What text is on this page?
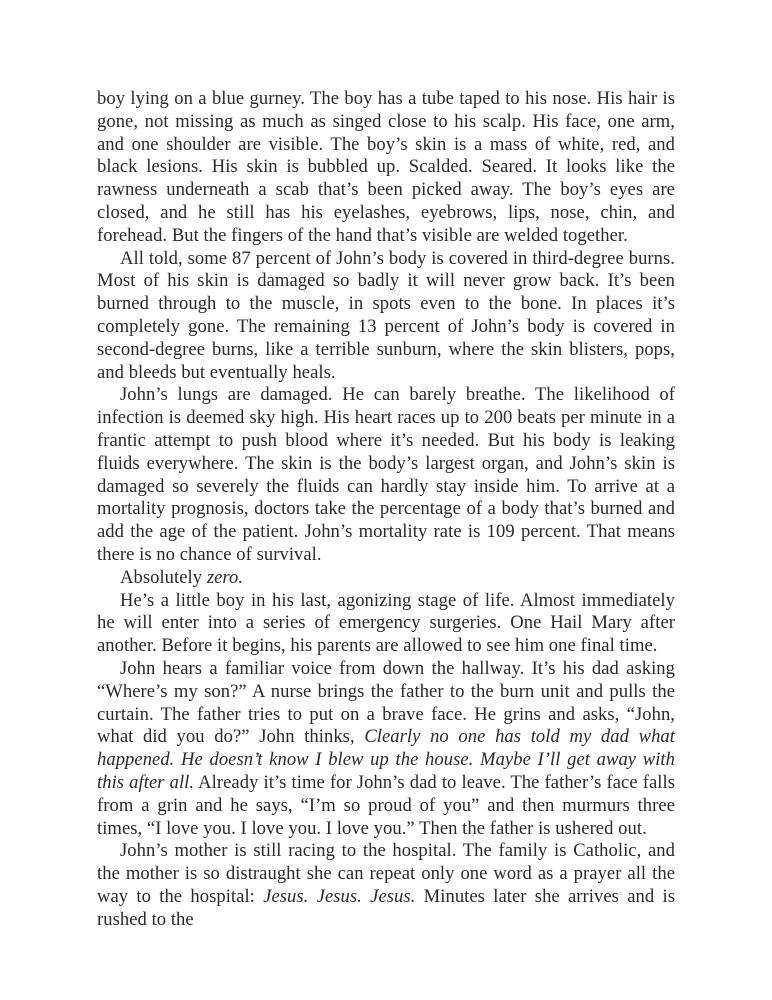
boy lying on a blue gurney. The boy has a tube taped to his nose. His hair is gone, not missing as much as singed close to his scalp. His face, one arm, and one shoulder are visible. The boy’s skin is a mass of white, red, and black lesions. His skin is bubbled up. Scalded. Seared. It looks like the rawness underneath a scab that’s been picked away. The boy’s eyes are closed, and he still has his eyelashes, eyebrows, lips, nose, chin, and forehead. But the fingers of the hand that’s visible are welded together.

All told, some 87 percent of John’s body is covered in third-degree burns. Most of his skin is damaged so badly it will never grow back. It’s been burned through to the muscle, in spots even to the bone. In places it’s completely gone. The remaining 13 percent of John’s body is covered in second-degree burns, like a terrible sunburn, where the skin blisters, pops, and bleeds but eventually heals.

John’s lungs are damaged. He can barely breathe. The likelihood of infection is deemed sky high. His heart races up to 200 beats per minute in a frantic attempt to push blood where it’s needed. But his body is leaking fluids everywhere. The skin is the body’s largest organ, and John’s skin is damaged so severely the fluids can hardly stay inside him. To arrive at a mortality prognosis, doctors take the percentage of a body that’s burned and add the age of the patient. John’s mortality rate is 109 percent. That means there is no chance of survival.

Absolutely zero.

He’s a little boy in his last, agonizing stage of life. Almost immediately he will enter into a series of emergency surgeries. One Hail Mary after another. Before it begins, his parents are allowed to see him one final time.

John hears a familiar voice from down the hallway. It’s his dad asking “Where’s my son?” A nurse brings the father to the burn unit and pulls the curtain. The father tries to put on a brave face. He grins and asks, “John, what did you do?” John thinks, Clearly no one has told my dad what happened. He doesn’t know I blew up the house. Maybe I’ll get away with this after all. Already it’s time for John’s dad to leave. The father’s face falls from a grin and he says, “I’m so proud of you” and then murmurs three times, “I love you. I love you. I love you.” Then the father is ushered out.

John’s mother is still racing to the hospital. The family is Catholic, and the mother is so distraught she can repeat only one word as a prayer all the way to the hospital: Jesus. Jesus. Jesus. Minutes later she arrives and is rushed to the
